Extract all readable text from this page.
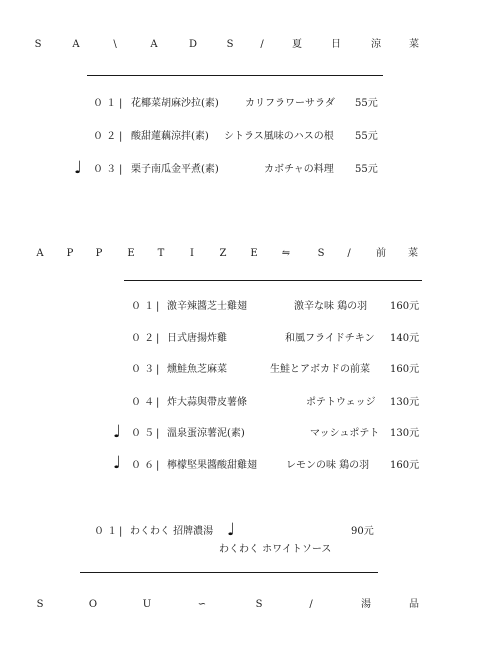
S	A	\	A	D	S	/	夏	日	涼	菜
０ １ | 花椰菜胡麻沙拉(素)	カリフラワーサラダ 55元
０ ２ | 酸甜蓮藕涼拌(素) シトラス風味のハスの根 55元
♩ ０ ３ | 栗子南瓜金平煮(素)	カボチャの料理 55元
A	P	P	E	T	I	Z	E	⇋	S	/	前	菜
０ １ | 激辛辣醬芝士雞翅	激辛な味 鶏の羽 160元
０ ２ | 日式唐揚炸雞	和風フライドチキン 140元
０ ３ | 燻鮭魚芝麻菜	生鮭とアボカドの前菜 160元
０ ４ | 炸大蒜與帶皮薯條	ポテトウェッジ 130元
♩ ０ ５ | 溫泉蛋涼薯泥(素)	マッシュポテト 130元
♩ ０ ６ | 檸檬堅果醬酸甜雞翅	レモンの味 鶏の羽 160元
０ １ | わくわく 招牌濃湯	90元
♩
わくわく ホワイトソース
S	O	U	∽	S	/	湯	品
